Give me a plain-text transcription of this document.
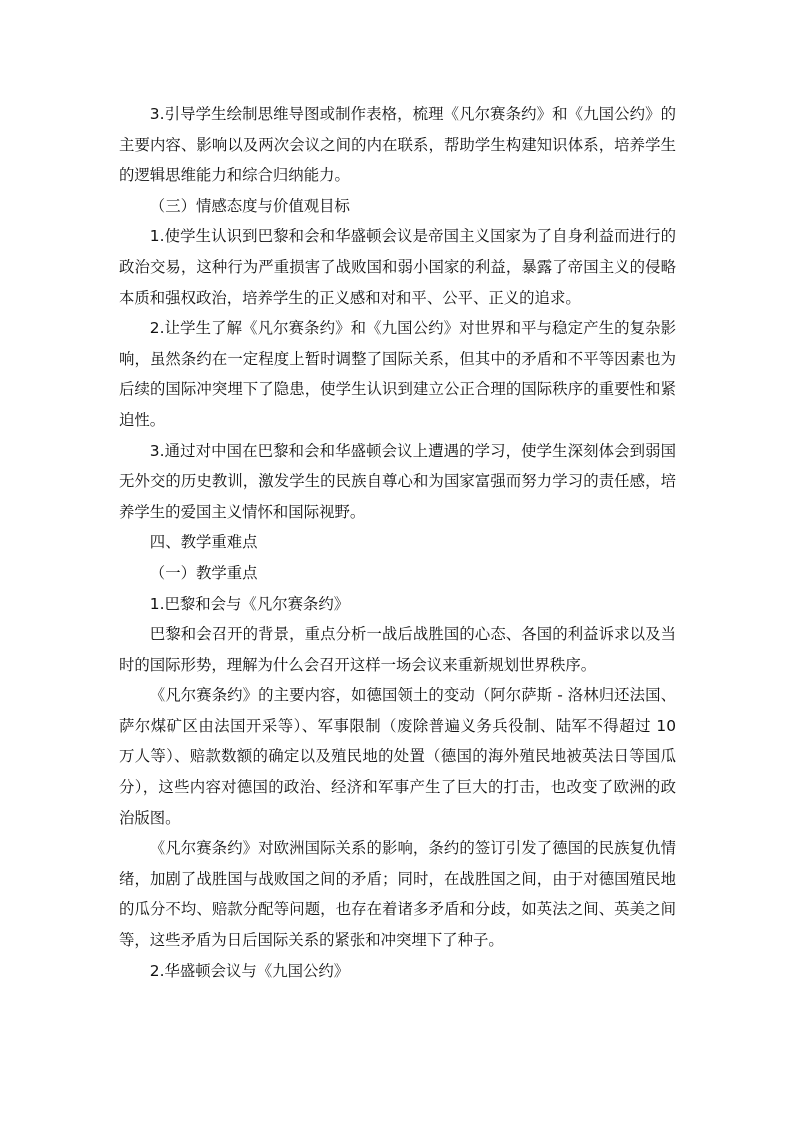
3.引导学生绘制思维导图或制作表格，梳理《凡尔赛条约》和《九国公约》的主要内容、影响以及两次会议之间的内在联系，帮助学生构建知识体系，培养学生的逻辑思维能力和综合归纳能力。

（三）情感态度与价值观目标

1.使学生认识到巴黎和会和华盛顿会议是帝国主义国家为了自身利益而进行的政治交易，这种行为严重损害了战败国和弱小国家的利益，暴露了帝国主义的侵略本质和强权政治，培养学生的正义感和对和平、公平、正义的追求。

2.让学生了解《凡尔赛条约》和《九国公约》对世界和平与稳定产生的复杂影响，虽然条约在一定程度上暂时调整了国际关系，但其中的矛盾和不平等因素也为后续的国际冲突埋下了隐患，使学生认识到建立公正合理的国际秩序的重要性和紧迫性。

3.通过对中国在巴黎和会和华盛顿会议上遭遇的学习，使学生深刻体会到弱国无外交的历史教训，激发学生的民族自尊心和为国家富强而努力学习的责任感，培养学生的爱国主义情怀和国际视野。

四、教学重难点

（一）教学重点

1.巴黎和会与《凡尔赛条约》

巴黎和会召开的背景，重点分析一战后战胜国的心态、各国的利益诉求以及当时的国际形势，理解为什么会召开这样一场会议来重新规划世界秩序。

《凡尔赛条约》的主要内容，如德国领土的变动（阿尔萨斯 - 洛林归还法国、萨尔煤矿区由法国开采等）、军事限制（废除普遍义务兵役制、陆军不得超过 10 万人等）、赔款数额的确定以及殖民地的处置（德国的海外殖民地被英法日等国瓜分），这些内容对德国的政治、经济和军事产生了巨大的打击，也改变了欧洲的政治版图。

《凡尔赛条约》对欧洲国际关系的影响，条约的签订引发了德国的民族复仇情绪，加剧了战胜国与战败国之间的矛盾；同时，在战胜国之间，由于对德国殖民地的瓜分不均、赔款分配等问题，也存在着诸多矛盾和分歧，如英法之间、英美之间等，这些矛盾为日后国际关系的紧张和冲突埋下了种子。

2.华盛顿会议与《九国公约》
